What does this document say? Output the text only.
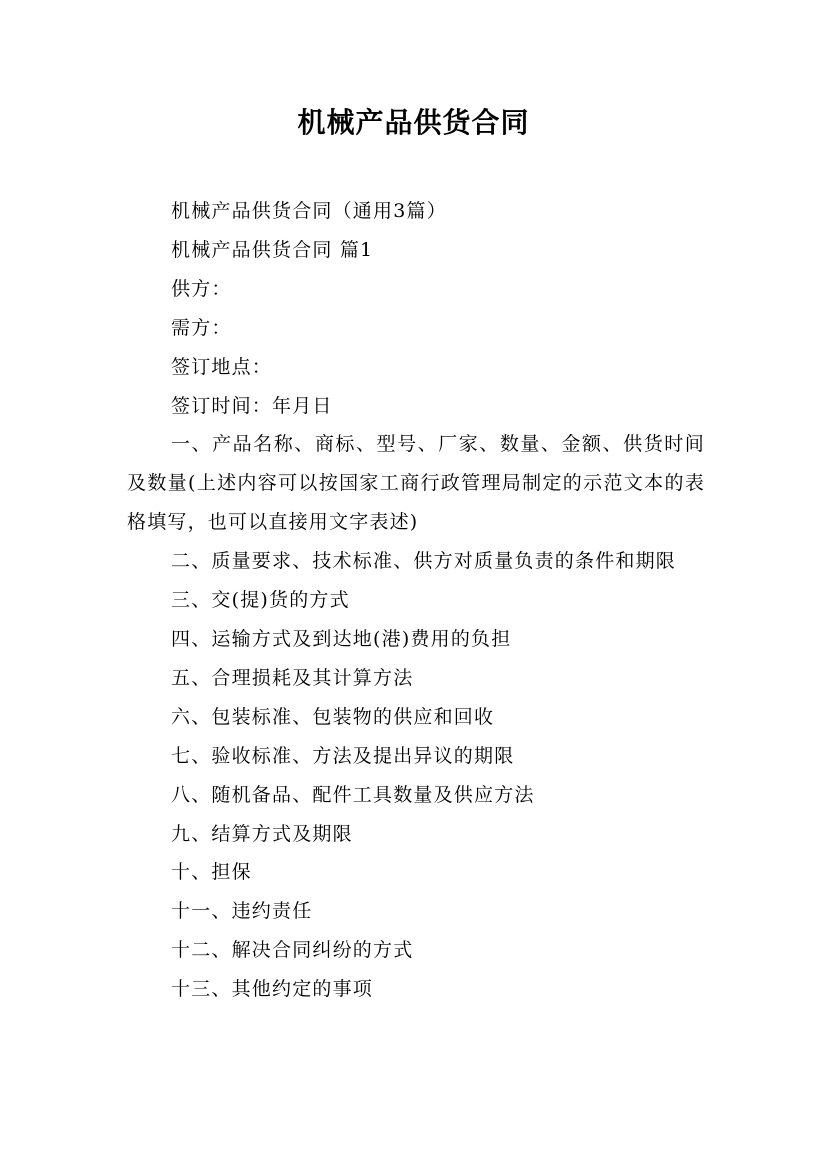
机械产品供货合同

机械产品供货合同（通用3篇）

机械产品供货合同 篇1

供方：

需方：

签订地点：

签订时间：年月日

一、产品名称、商标、型号、厂家、数量、金额、供货时间及数量(上述内容可以按国家工商行政管理局制定的示范文本的表格填写，也可以直接用文字表述)

二、质量要求、技术标准、供方对质量负责的条件和期限

三、交(提)货的方式

四、运输方式及到达地(港)费用的负担

五、合理损耗及其计算方法

六、包装标准、包装物的供应和回收

七、验收标准、方法及提出异议的期限

八、随机备品、配件工具数量及供应方法

九、结算方式及期限

十、担保

十一、违约责任

十二、解决合同纠纷的方式

十三、其他约定的事项
